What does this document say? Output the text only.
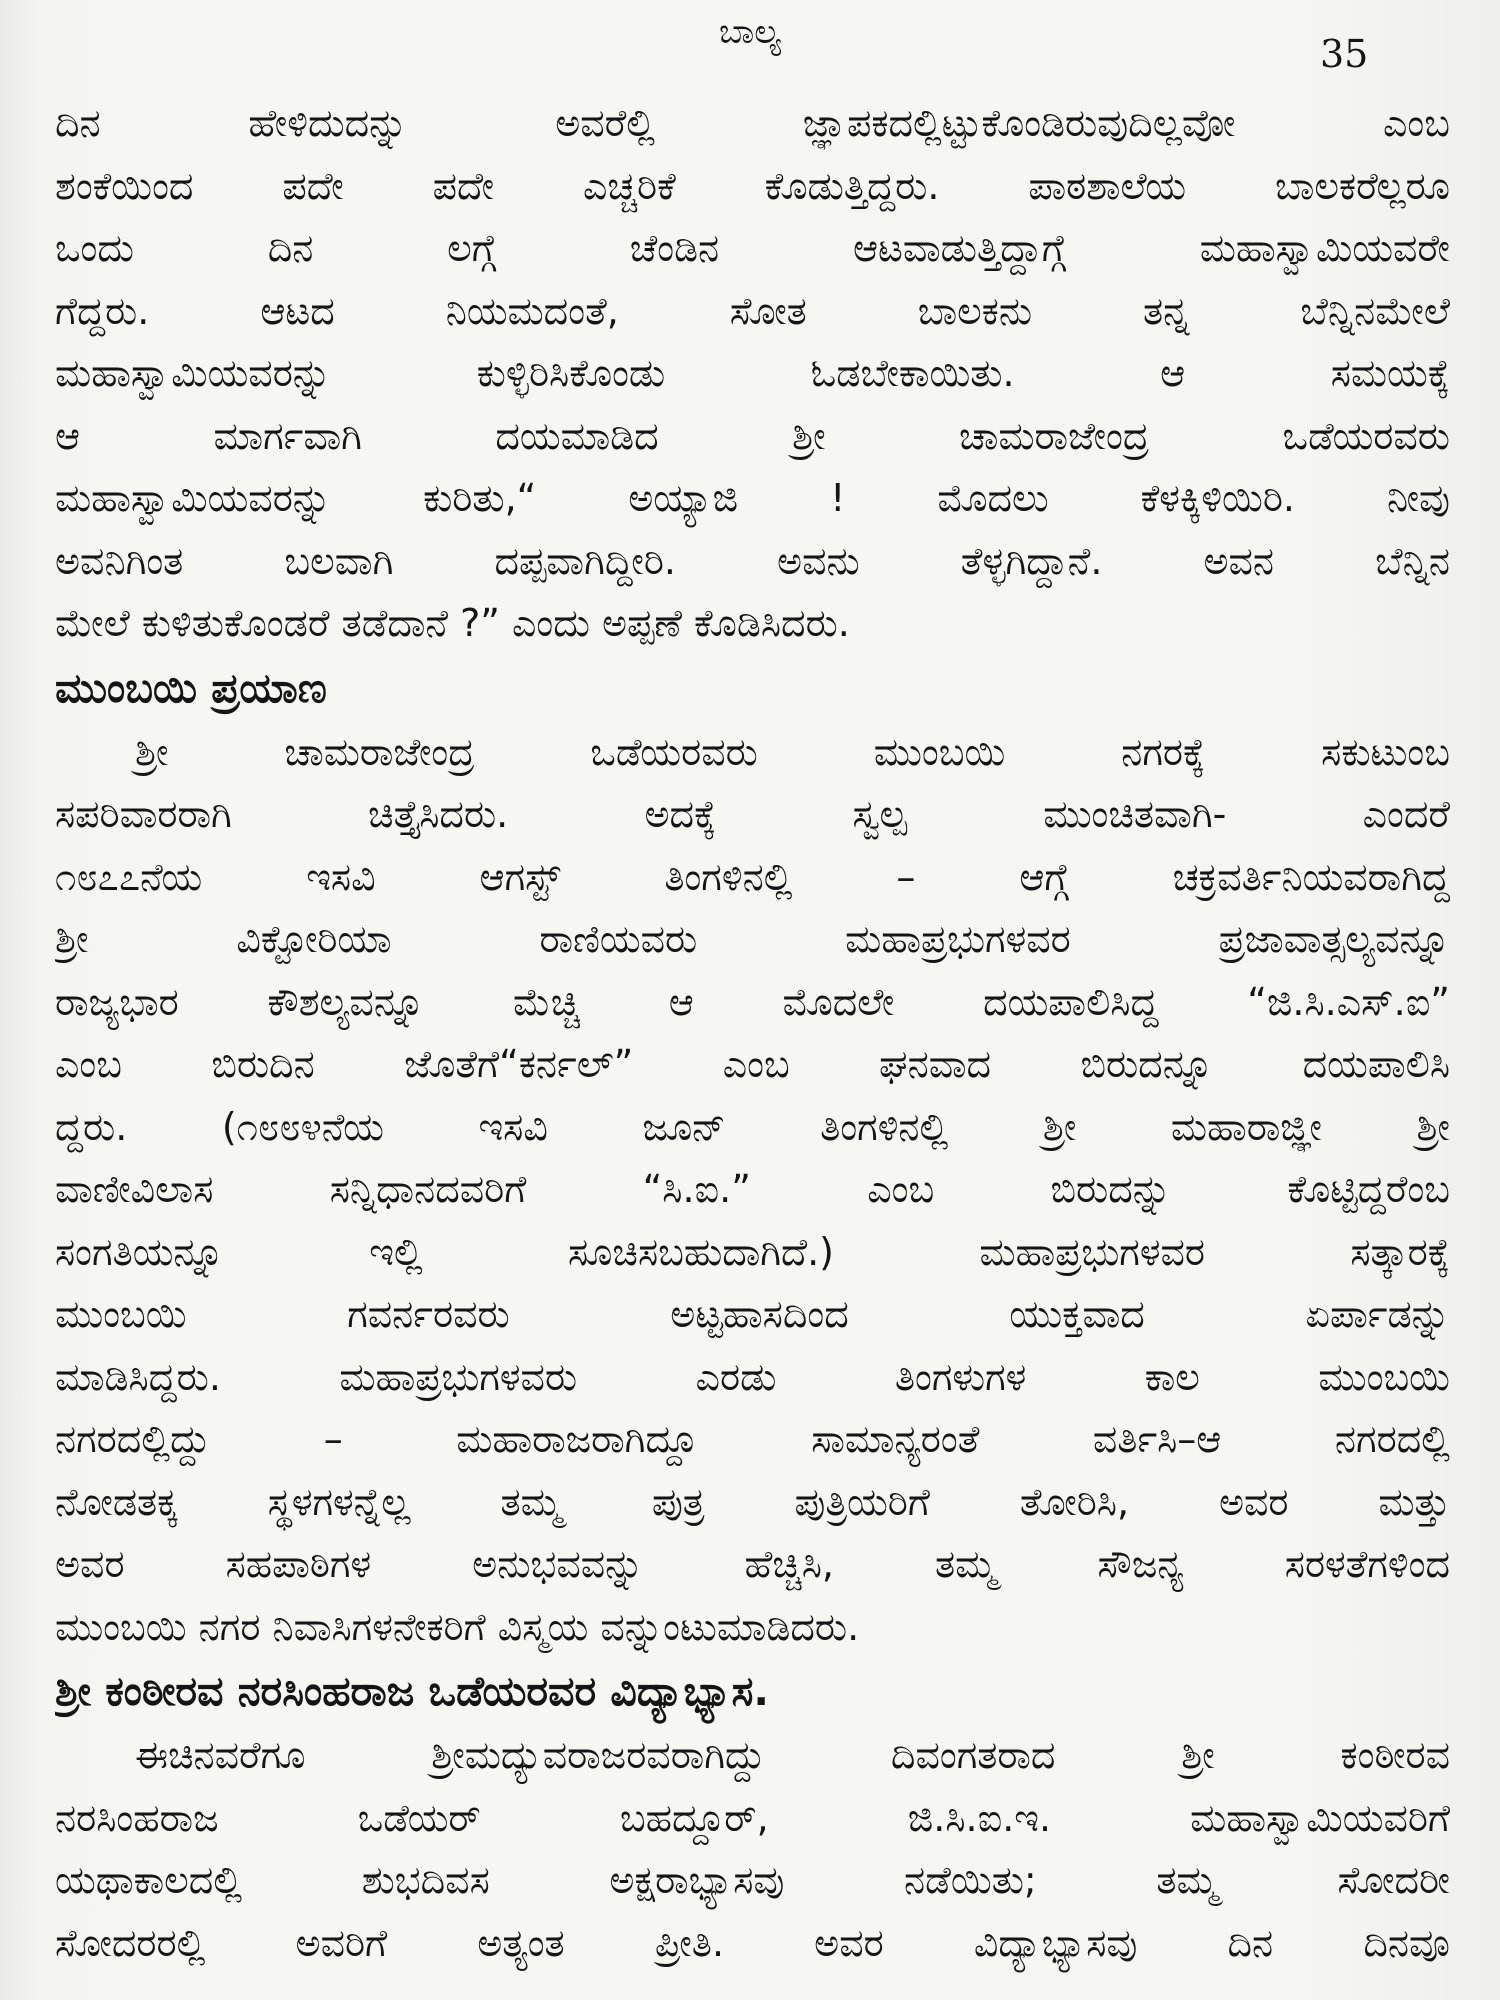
ಬಾಲ್ಯ	35
ದಿನ ಹೇಳಿದುದನ್ನು ಅವರೆಲ್ಲಿ ಜ್ಞಾಪಕದಲ್ಲಿಟ್ಟುಕೊಂಡಿರುವುದಿಲ್ಲವೋ ಎಂಬ
ಶಂಕೆಯಿಂದ ಪದೇ ಪದೇ ಎಚ್ಚರಿಕೆ ಕೊಡುತ್ತಿದ್ದರು. ಪಾಠಶಾಲೆಯ ಬಾಲಕರೆಲ್ಲರೂ
ಒಂದು ದಿನ ಲಗ್ಗೆ ಚೆಂಡಿನ ಆಟವಾಡುತ್ತಿದ್ದಾಗ್ಗೆ ಮಹಾಸ್ವಾಮಿಯವರೇ
ಗೆದ್ದರು. ಆಟದ ನಿಯಮದಂತೆ, ಸೋತ ಬಾಲಕನು ತನ್ನ ಬೆನ್ನಿನಮೇಲೆ
ಮಹಾಸ್ವಾಮಿಯವರನ್ನು ಕುಳ್ಳಿರಿಸಿಕೊಂಡು ಓಡಬೇಕಾಯಿತು. ಆ ಸಮಯಕ್ಕೆ
ಆ ಮಾರ್ಗವಾಗಿ ದಯಮಾಡಿದ ಶ್ರೀ ಚಾಮರಾಜೇಂದ್ರ ಒಡೆಯರವರು
ಮಹಾಸ್ವಾಮಿಯವರನ್ನು ಕುರಿತು,“ ಅಯ್ಯಾಜಿ ! ಮೊದಲು ಕೆಳಕ್ಕಿಳಿಯಿರಿ. ನೀವು
ಅವನಿಗಿಂತ ಬಲವಾಗಿ ದಪ್ಪವಾಗಿದ್ದೀರಿ. ಅವನು ತೆಳ್ಳಗಿದ್ದಾನೆ. ಅವನ ಬೆನ್ನಿನ
ಮೇಲೆ ಕುಳಿತುಕೊಂಡರೆ ತಡೆದಾನೆ ?” ಎಂದು ಅಪ್ಪಣೆ ಕೊಡಿಸಿದರು.
ಮುಂಬಯಿ ಪ್ರಯಾಣ
ಶ್ರೀ ಚಾಮರಾಜೇಂದ್ರ ಒಡೆಯರವರು ಮುಂಬಯಿ ನಗರಕ್ಕೆ ಸಕುಟುಂಬ
ಸಪರಿವಾರರಾಗಿ ಚಿತ್ತೈಸಿದರು. ಅದಕ್ಕೆ ಸ್ವಲ್ಪ ಮುಂಚಿತವಾಗಿ- ಎಂದರೆ
೧೮೭೭ನೆಯ ಇಸವಿ ಆಗಸ್ಟ್ ತಿಂಗಳಿನಲ್ಲಿ – ಆಗ್ಗೆ ಚಕ್ರವರ್ತಿನಿಯವರಾಗಿದ್ದ
ಶ್ರೀ ವಿಕ್ಟೋರಿಯಾ ರಾಣಿಯವರು ಮಹಾಪ್ರಭುಗಳವರ ಪ್ರಜಾವಾತ್ಸಲ್ಯವನ್ನೂ
ರಾಜ್ಯಭಾರ ಕೌಶಲ್ಯವನ್ನೂ ಮೆಚ್ಚಿ ಆ ಮೊದಲೇ ದಯಪಾಲಿಸಿದ್ದ “ಜಿ.ಸಿ.ಎಸ್.ಐ”
ಎಂಬ ಬಿರುದಿನ ಜೊತೆಗೆ“ಕರ್ನಲ್” ಎಂಬ ಘನವಾದ ಬಿರುದನ್ನೂ ದಯಪಾಲಿಸಿ
ದ್ದರು. (೧೮೮೪ನೆಯ ಇಸವಿ ಜೂನ್ ತಿಂಗಳಿನಲ್ಲಿ ಶ್ರೀ ಮಹಾರಾಜ್ಞೀ ಶ್ರೀ
ವಾಣೀವಿಲಾಸ ಸನ್ನಿಧಾನದವರಿಗೆ “ಸಿ.ಐ.” ಎಂಬ ಬಿರುದನ್ನು ಕೊಟ್ಟಿದ್ದರೆಂಬ
ಸಂಗತಿಯನ್ನೂ ಇಲ್ಲಿ ಸೂಚಿಸಬಹುದಾಗಿದೆ.) ಮಹಾಪ್ರಭುಗಳವರ ಸತ್ಕಾರಕ್ಕೆ
ಮುಂಬಯಿ ಗವರ್ನರವರು ಅಟ್ಟಹಾಸದಿಂದ ಯುಕ್ತವಾದ ಏರ್ಪಾಡನ್ನು
ಮಾಡಿಸಿದ್ದರು. ಮಹಾಪ್ರಭುಗಳವರು ಎರಡು ತಿಂಗಳುಗಳ ಕಾಲ ಮುಂಬಯಿ
ನಗರದಲ್ಲಿದ್ದು – ಮಹಾರಾಜರಾಗಿದ್ದೂ ಸಾಮಾನ್ಯರಂತೆ ವರ್ತಿಸಿ–ಆ ನಗರದಲ್ಲಿ
ನೋಡತಕ್ಕ ಸ್ಥಳಗಳನ್ನೆಲ್ಲ ತಮ್ಮ ಪುತ್ರ ಪುತ್ರಿಯರಿಗೆ ತೋರಿಸಿ, ಅವರ ಮತ್ತು
ಅವರ ಸಹಪಾಠಿಗಳ ಅನುಭವವನ್ನು ಹೆಚ್ಚಿಸಿ, ತಮ್ಮ ಸೌಜನ್ಯ ಸರಳತೆಗಳಿಂದ
ಮುಂಬಯಿ ನಗರ ನಿವಾಸಿಗಳನೇಕರಿಗೆ ವಿಸ್ಮಯ ವನ್ನುಂಟುಮಾಡಿದರು.
ಶ್ರೀ ಕಂಠೀರವ ನರಸಿಂಹರಾಜ ಒಡೆಯರವರ ವಿದ್ಯಾಭ್ಯಾಸ.
ಈಚಿನವರೆಗೂ ಶ್ರೀಮದ್ಯುವರಾಜರವರಾಗಿದ್ದು ದಿವಂಗತರಾದ ಶ್ರೀ ಕಂಠೀರವ
ನರಸಿಂಹರಾಜ ಒಡೆಯರ್ ಬಹದ್ದೂರ್, ಜಿ.ಸಿ.ಐ.ಇ. ಮಹಾಸ್ವಾಮಿಯವರಿಗೆ
ಯಥಾಕಾಲದಲ್ಲಿ ಶುಭದಿವಸ ಅಕ್ಷರಾಭ್ಯಾಸವು ನಡೆಯಿತು; ತಮ್ಮ ಸೋದರೀ
ಸೋದರರಲ್ಲಿ ಅವರಿಗೆ ಅತ್ಯಂತ ಪ್ರೀತಿ. ಅವರ ವಿದ್ಯಾಭ್ಯಾಸವು ದಿನ ದಿನವೂ
